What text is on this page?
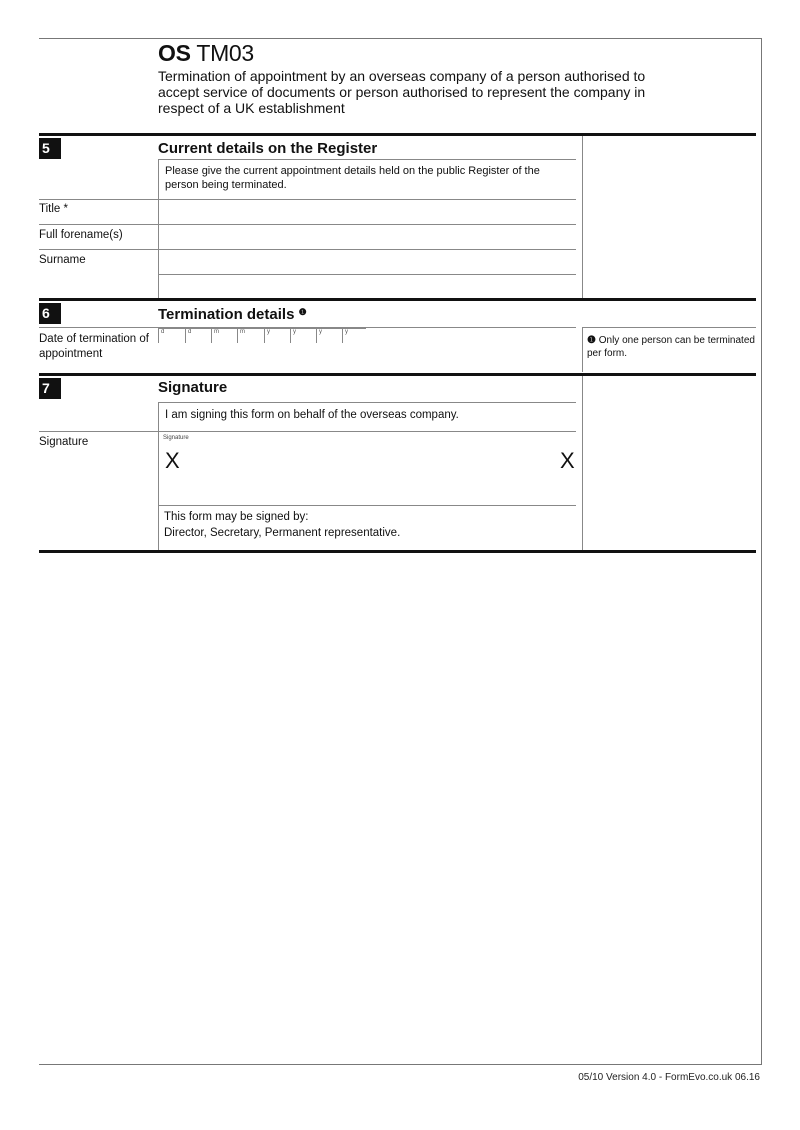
OS TM03
Termination of appointment by an overseas company of a person authorised to accept service of documents or person authorised to represent the company in respect of a UK establishment
5	Current details on the Register
Please give the current appointment details held on the public Register of the person being terminated.
Title *
Full forename(s)
Surname
6	Termination details $^❶$
Date of termination of appointment
d	d	m	m	y	y	y	y
❶ Only one person can be terminated per form.
7	Signature
I am signing this form on behalf of the overseas company.
Signature	Signature
X	X
This form may be signed by:
Director, Secretary, Permanent representative.
05/10 Version 4.0 - FormEvo.co.uk 06.16
